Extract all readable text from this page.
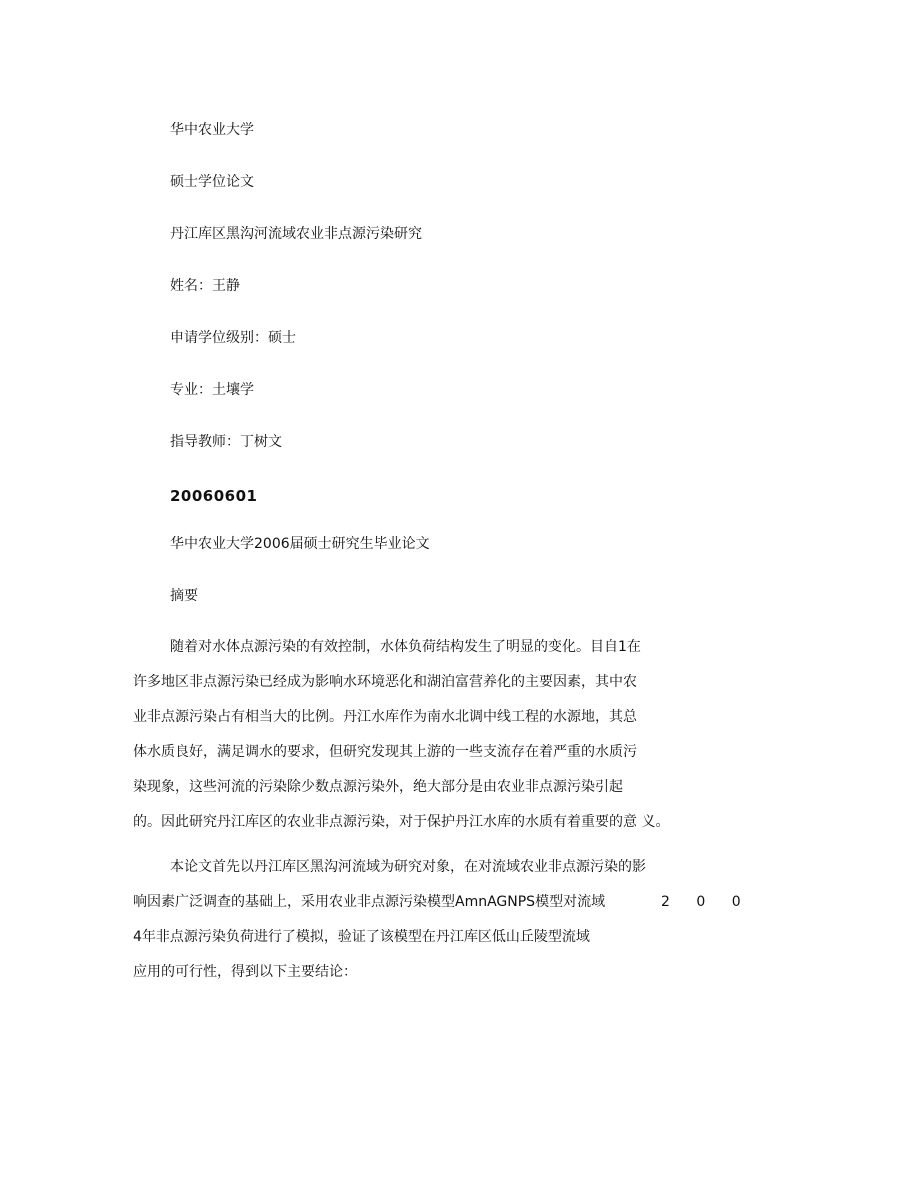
华中农业大学

硕士学位论文

丹江库区黑沟河流域农业非点源污染研究

姓名：王静

申请学位级别：硕士

专业：土壤学

指导教师：丁树文

20060601

华中农业大学2006届硕士研究生毕业论文

摘要

随着对水体点源污染的有效控制，水体负荷结构发生了明显的变化。目自1在

许多地区非点源污染已经成为影响水环境恶化和湖泊富营养化的主要因素，其中农

业非点源污染占有相当大的比例。丹江水库作为南水北调中线工程的水源地，其总

体水质良好，满足调水的要求，但研究发现其上游的一些支流存在着严重的水质污

染现象，这些河流的污染除少数点源污染外，绝大部分是由农业非点源污染引起

的。因此研究丹江库区的农业非点源污染，对于保护丹江水库的水质有着重要的意 义。

本论文首先以丹江库区黑沟河流域为研究对象，在对流域农业非点源污染的影

响因素广泛调查的基础上，采用农业非点源污染模型AmnAGNPS模型对流域	2 0 0

4年非点源污染负荷进行了模拟，验证了该模型在丹江库区低山丘陵型流域

应用的可行性，得到以下主要结论：
